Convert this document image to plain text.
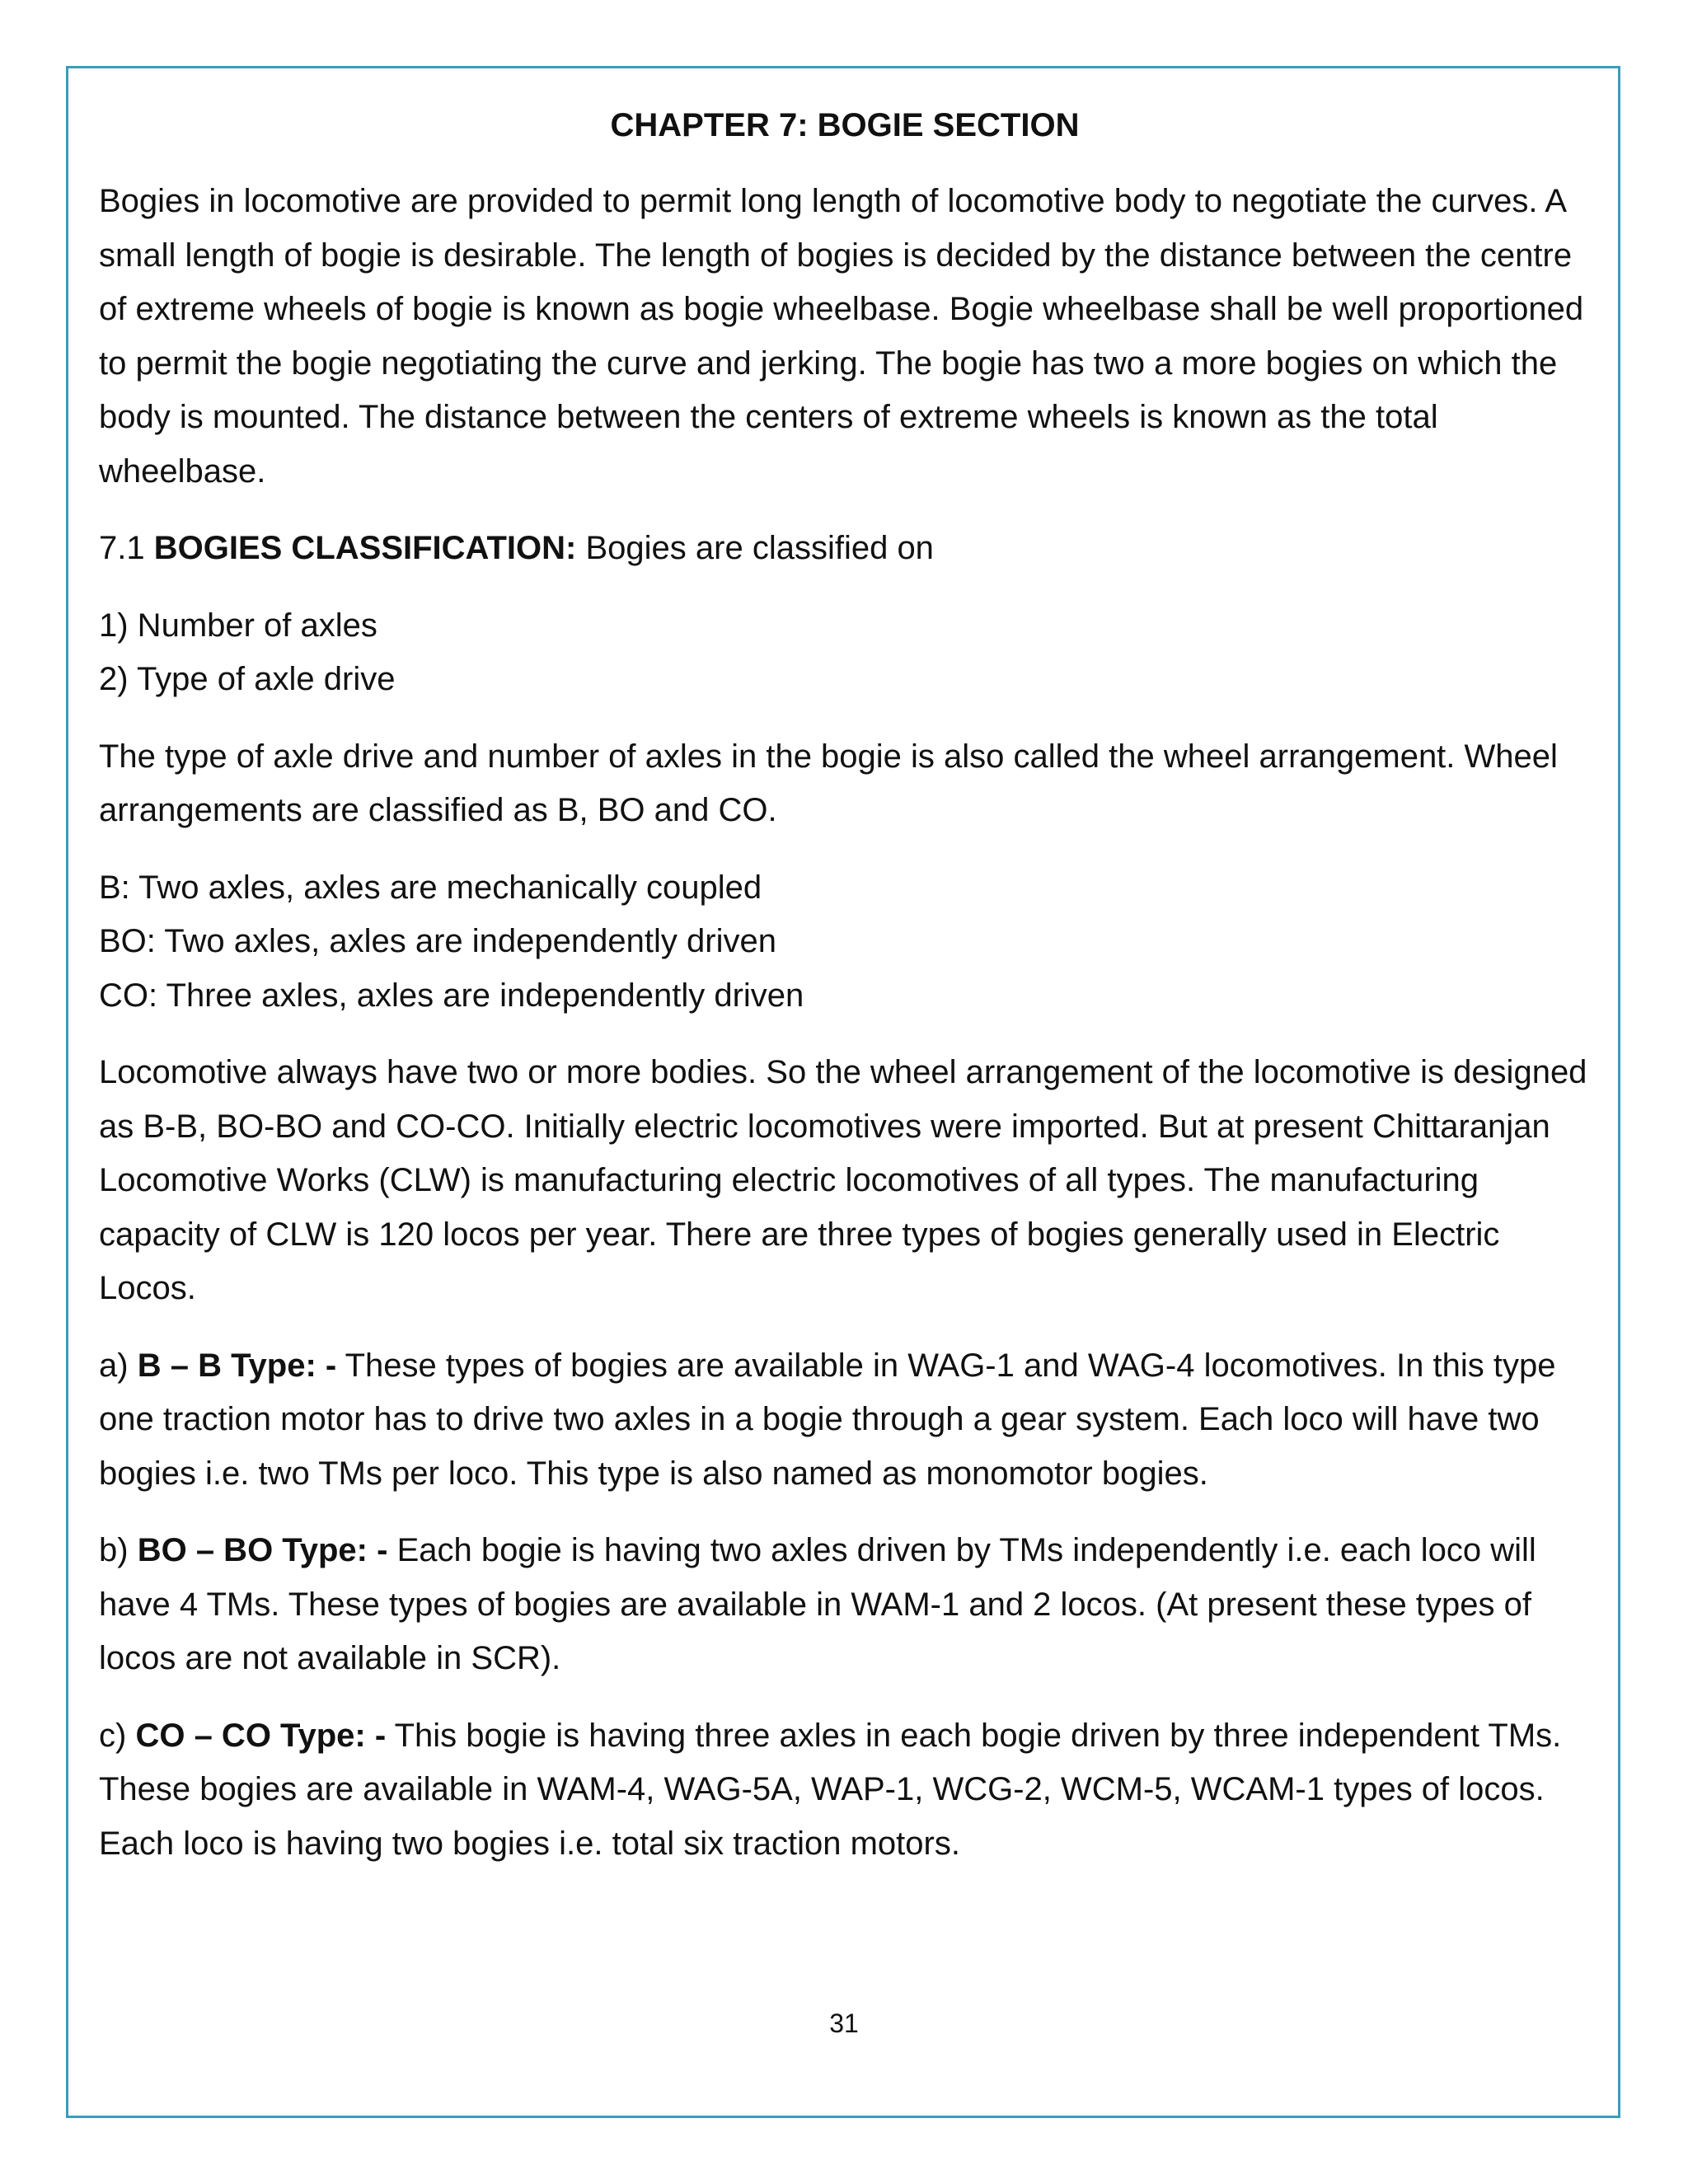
CHAPTER 7: BOGIE SECTION

Bogies in locomotive are provided to permit long length of locomotive body to negotiate the curves. A small length of bogie is desirable. The length of bogies is decided by the distance between the centre of extreme wheels of bogie is known as bogie wheelbase. Bogie wheelbase shall be well proportioned to permit the bogie negotiating the curve and jerking. The bogie has two a more bogies on which the body is mounted. The distance between the centers of extreme wheels is known as the total wheelbase.

7.1 BOGIES CLASSIFICATION: Bogies are classified on

1) Number of axles
2) Type of axle drive

The type of axle drive and number of axles in the bogie is also called the wheel arrangement. Wheel arrangements are classified as B, BO and CO.

B: Two axles, axles are mechanically coupled
BO: Two axles, axles are independently driven
CO: Three axles, axles are independently driven

Locomotive always have two or more bodies. So the wheel arrangement of the locomotive is designed as B-B, BO-BO and CO-CO. Initially electric locomotives were imported. But at present Chittaranjan Locomotive Works (CLW) is manufacturing electric locomotives of all types. The manufacturing capacity of CLW is 120 locos per year. There are three types of bogies generally used in Electric Locos.

a) B – B Type: - These types of bogies are available in WAG-1 and WAG-4 locomotives. In this type one traction motor has to drive two axles in a bogie through a gear system. Each loco will have two bogies i.e. two TMs per loco. This type is also named as monomotor bogies.

b) BO – BO Type: - Each bogie is having two axles driven by TMs independently i.e. each loco will have 4 TMs. These types of bogies are available in WAM-1 and 2 locos. (At present these types of locos are not available in SCR).

c) CO – CO Type: - This bogie is having three axles in each bogie driven by three independent TMs. These bogies are available in WAM-4, WAG-5A, WAP-1, WCG-2, WCM-5, WCAM-1 types of locos. Each loco is having two bogies i.e. total six traction motors.

31
